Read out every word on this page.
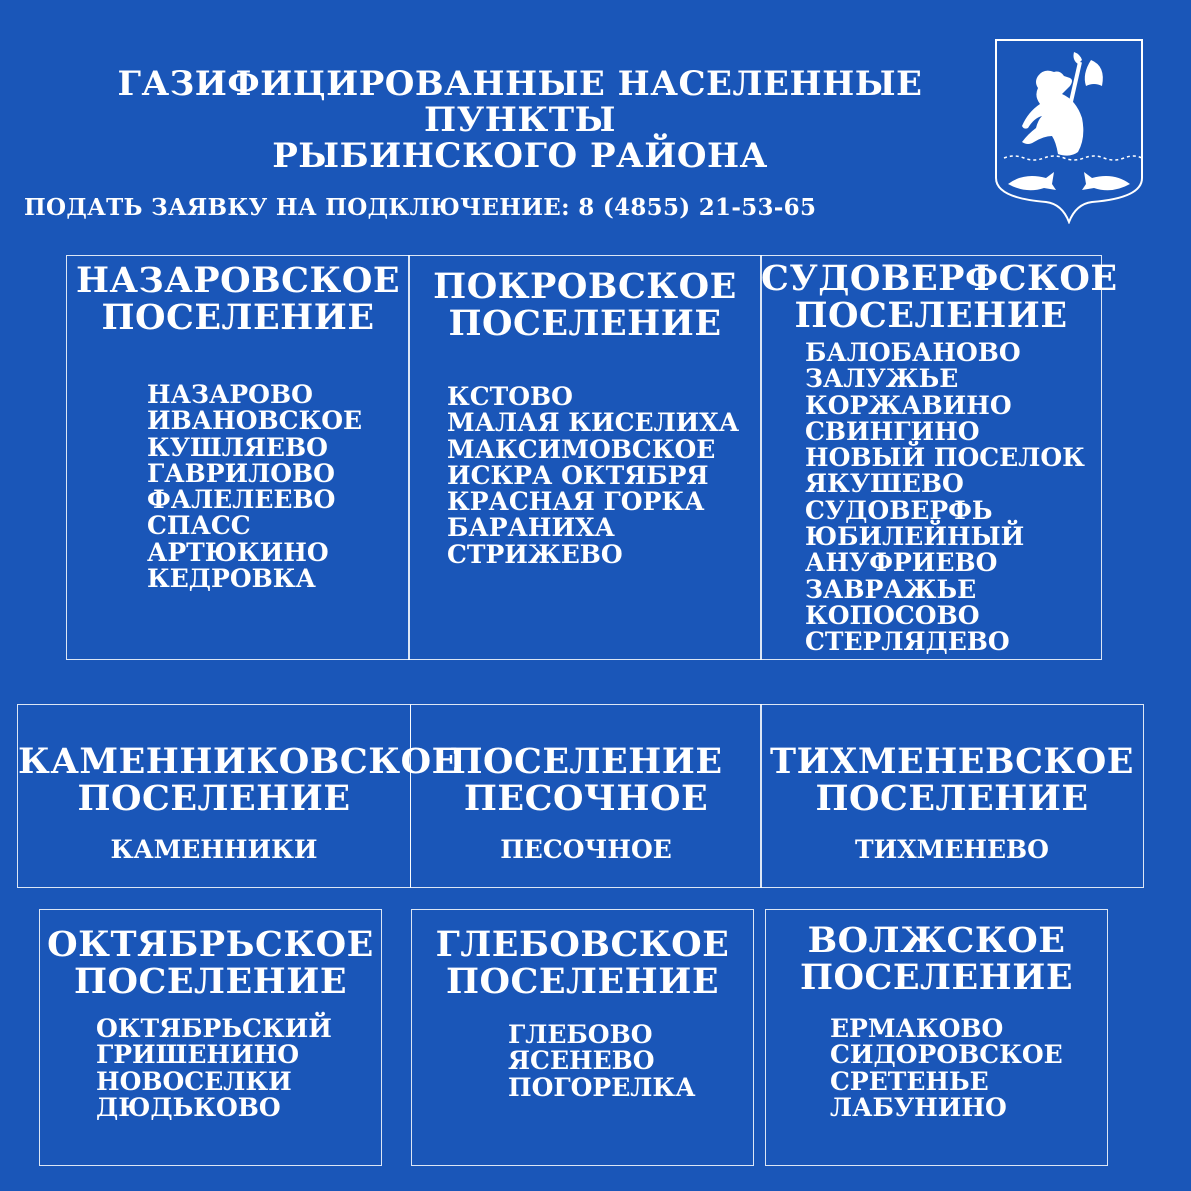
ГАЗИФИЦИРОВАННЫЕ НАСЕЛЕННЫЕ ПУНКТЫ
РЫБИНСКОГО РАЙОНА

ПОДАТЬ ЗАЯВКУ НА ПОДКЛЮЧЕНИЕ: 8 (4855) 21-53-65

НАЗАРОВСКОЕ
ПОСЕЛЕНИЕ
НАЗАРОВО
ИВАНОВСКОЕ
КУШЛЯЕВО
ГАВРИЛОВО
ФАЛЕЛЕЕВО
СПАСС
АРТЮКИНО
КЕДРОВКА
ПОКРОВСКОЕ
ПОСЕЛЕНИЕ
КСТОВО
МАЛАЯ КИСЕЛИХА
МАКСИМОВСКОЕ
ИСКРА ОКТЯБРЯ
КРАСНАЯ ГОРКА
БАРАНИХА
СТРИЖЕВО
СУДОВЕРФСКОЕ
ПОСЕЛЕНИЕ
БАЛОБАНОВО
ЗАЛУЖЬЕ
КОРЖАВИНО
СВИНГИНО
НОВЫЙ ПОСЕЛОК
ЯКУШЕВО
СУДОВЕРФЬ
ЮБИЛЕЙНЫЙ
АНУФРИЕВО
ЗАВРАЖЬЕ
КОПОСОВО
СТЕРЛЯДЕВО
КАМЕННИКОВСКОЕ
ПОСЕЛЕНИЕ

КАМЕННИКИ

ПОСЕЛЕНИЕ
ПЕСОЧНОЕ

ПЕСОЧНОЕ

ТИХМЕНЕВСКОЕ
ПОСЕЛЕНИЕ

ТИХМЕНЕВО

ОКТЯБРЬСКОЕ
ПОСЕЛЕНИЕ
ОКТЯБРЬСКИЙ
ГРИШЕНИНО
НОВОСЕЛКИ
ДЮДЬКОВО
ГЛЕБОВСКОЕ
ПОСЕЛЕНИЕ
ГЛЕБОВО
ЯСЕНЕВО
ПОГОРЕЛКА
ВОЛЖСКОЕ
ПОСЕЛЕНИЕ
ЕРМАКОВО
СИДОРОВСКОЕ
СРЕТЕНЬЕ
ЛАБУНИНО
